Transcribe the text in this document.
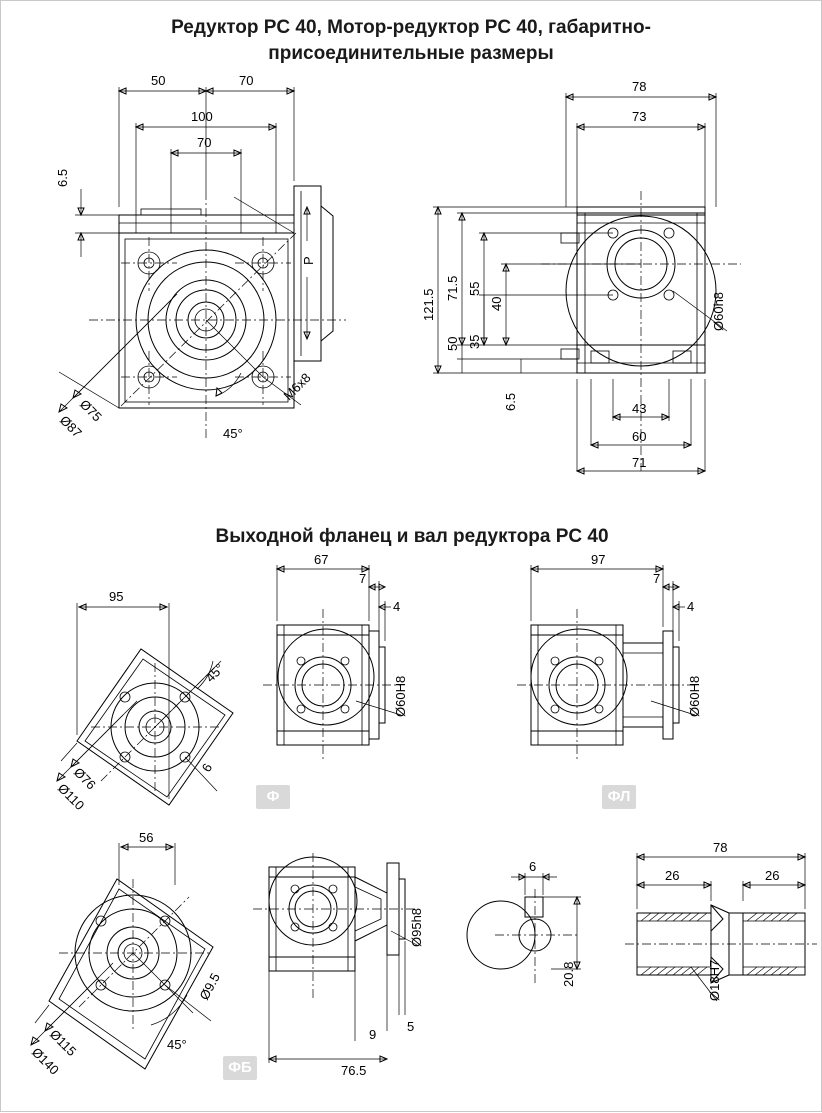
Редуктор PC 40, Мотор-редуктор PC 40, габаритно-
присоединительные размеры
Выходной фланец и вал редуктора PC 40
50	70
100
70
6.5
P
M6x8
45°
Ø75
Ø87
78
73
121.5
71.5 55
40
50 35
6.5	43
60
71
Ø60h8
95
45°
6
Ø76
Ø110
67
7
4
Ø60H8
97
7
4
Ø60H8
56
45°
Ø9.5
Ø115
Ø140
Ø95h8
9
5
76.5
6
20.8
78
26	26
Ø18H7
Ф	ФЛ
ФБ
